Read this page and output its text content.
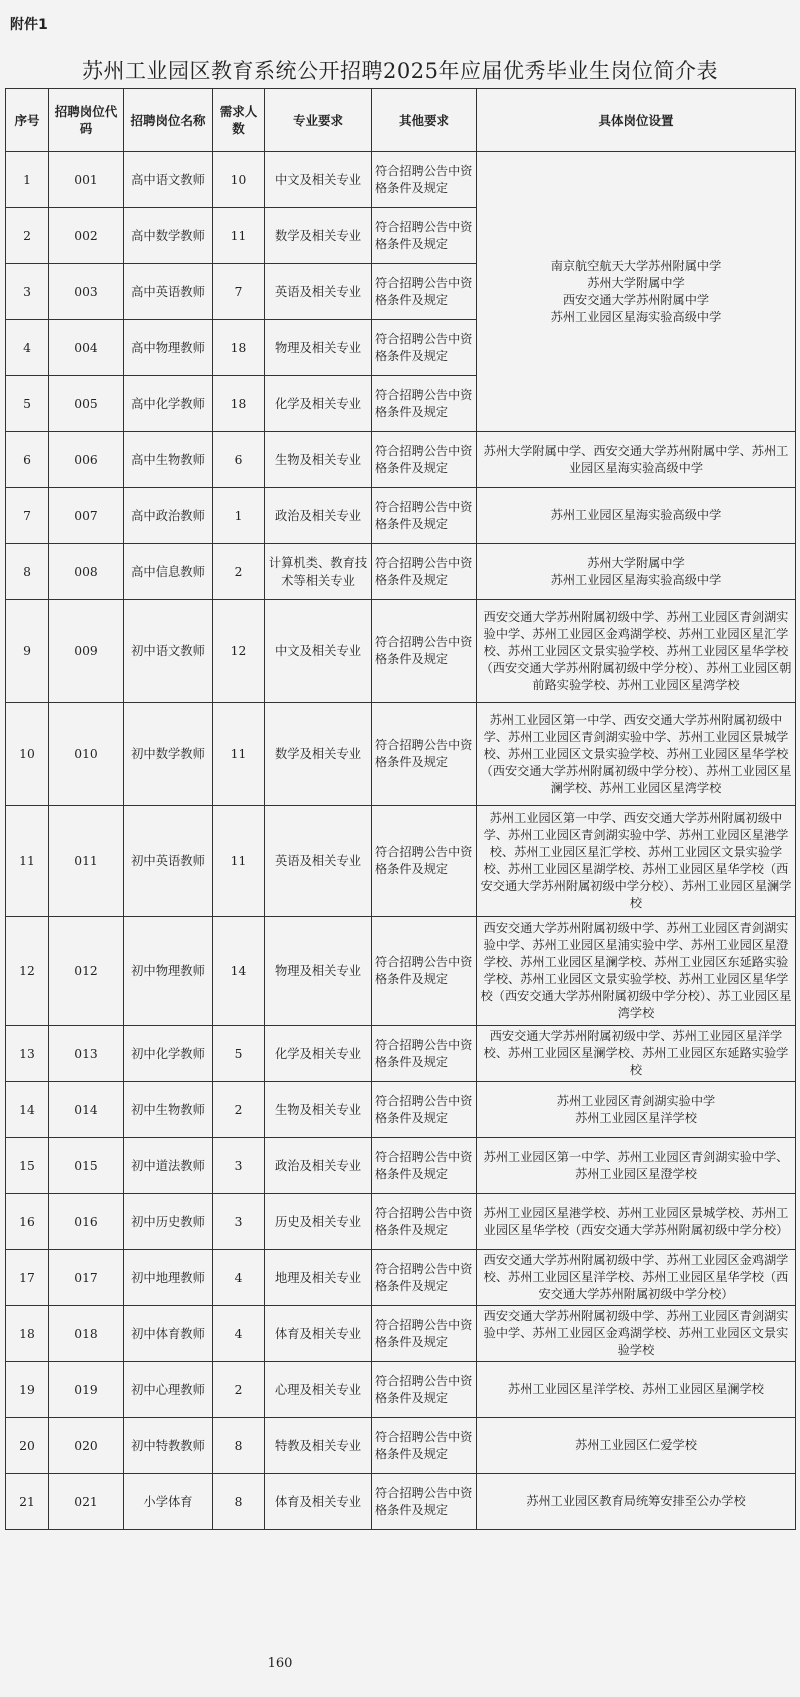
附件1
苏州工业园区教育系统公开招聘2025年应届优秀毕业生岗位简介表
序号	招聘岗位代码	招聘岗位名称	需求人数	专业要求	其他要求	具体岗位设置
1	001	高中语文教师	10	中文及相关专业	符合招聘公告中资格条件及规定	南京航空航天大学苏州附属中学
苏州大学附属中学
西安交通大学苏州附属中学
苏州工业园区星海实验高级中学
2	002	高中数学教师	11	数学及相关专业	符合招聘公告中资格条件及规定	
3	003	高中英语教师	7	英语及相关专业	符合招聘公告中资格条件及规定	
4	004	高中物理教师	18	物理及相关专业	符合招聘公告中资格条件及规定	
5	005	高中化学教师	18	化学及相关专业	符合招聘公告中资格条件及规定	
6	006	高中生物教师	6	生物及相关专业	符合招聘公告中资格条件及规定	苏州大学附属中学、西安交通大学苏州附属中学、苏州工业园区星海实验高级中学
7	007	高中政治教师	1	政治及相关专业	符合招聘公告中资格条件及规定	苏州工业园区星海实验高级中学
8	008	高中信息教师	2	计算机类、教育技术等相关专业	符合招聘公告中资格条件及规定	苏州大学附属中学
苏州工业园区星海实验高级中学
9	009	初中语文教师	12	中文及相关专业	符合招聘公告中资格条件及规定	西安交通大学苏州附属初级中学、苏州工业园区青剑湖实验中学、苏州工业园区金鸡湖学校、苏州工业园区星汇学校、苏州工业园区文景实验学校、苏州工业园区星华学校（西安交通大学苏州附属初级中学分校）、苏州工业园区朝前路实验学校、苏州工业园区星湾学校
10	010	初中数学教师	11	数学及相关专业	符合招聘公告中资格条件及规定	苏州工业园区第一中学、西安交通大学苏州附属初级中学、苏州工业园区青剑湖实验中学、苏州工业园区景城学校、苏州工业园区文景实验学校、苏州工业园区星华学校（西安交通大学苏州附属初级中学分校）、苏州工业园区星澜学校、苏州工业园区星湾学校
11	011	初中英语教师	11	英语及相关专业	符合招聘公告中资格条件及规定	苏州工业园区第一中学、西安交通大学苏州附属初级中学、苏州工业园区青剑湖实验中学、苏州工业园区星港学校、苏州工业园区星汇学校、苏州工业园区文景实验学校、苏州工业园区星湖学校、苏州工业园区星华学校（西安交通大学苏州附属初级中学分校）、苏州工业园区星澜学校
12	012	初中物理教师	14	物理及相关专业	符合招聘公告中资格条件及规定	西安交通大学苏州附属初级中学、苏州工业园区青剑湖实验中学、苏州工业园区星浦实验中学、苏州工业园区星澄学校、苏州工业园区星澜学校、苏州工业园区东延路实验学校、苏州工业园区文景实验学校、苏州工业园区星华学校（西安交通大学苏州附属初级中学分校）、苏工业园区星湾学校
13	013	初中化学教师	5	化学及相关专业	符合招聘公告中资格条件及规定	西安交通大学苏州附属初级中学、苏州工业园区星洋学校、苏州工业园区星澜学校、苏州工业园区东延路实验学校
14	014	初中生物教师	2	生物及相关专业	符合招聘公告中资格条件及规定	苏州工业园区青剑湖实验中学
苏州工业园区星洋学校
15	015	初中道法教师	3	政治及相关专业	符合招聘公告中资格条件及规定	苏州工业园区第一中学、苏州工业园区青剑湖实验中学、苏州工业园区星澄学校
16	016	初中历史教师	3	历史及相关专业	符合招聘公告中资格条件及规定	苏州工业园区星港学校、苏州工业园区景城学校、苏州工业园区星华学校（西安交通大学苏州附属初级中学分校）
17	017	初中地理教师	4	地理及相关专业	符合招聘公告中资格条件及规定	西安交通大学苏州附属初级中学、苏州工业园区金鸡湖学校、苏州工业园区星洋学校、苏州工业园区星华学校（西安交通大学苏州附属初级中学分校）
18	018	初中体育教师	4	体育及相关专业	符合招聘公告中资格条件及规定	西安交通大学苏州附属初级中学、苏州工业园区青剑湖实验中学、苏州工业园区金鸡湖学校、苏州工业园区文景实验学校
19	019	初中心理教师	2	心理及相关专业	符合招聘公告中资格条件及规定	苏州工业园区星洋学校、苏州工业园区星澜学校
20	020	初中特教教师	8	特教及相关专业	符合招聘公告中资格条件及规定	苏州工业园区仁爱学校
21	021	小学体育	8	体育及相关专业	符合招聘公告中资格条件及规定	苏州工业园区教育局统筹安排至公办学校
160
